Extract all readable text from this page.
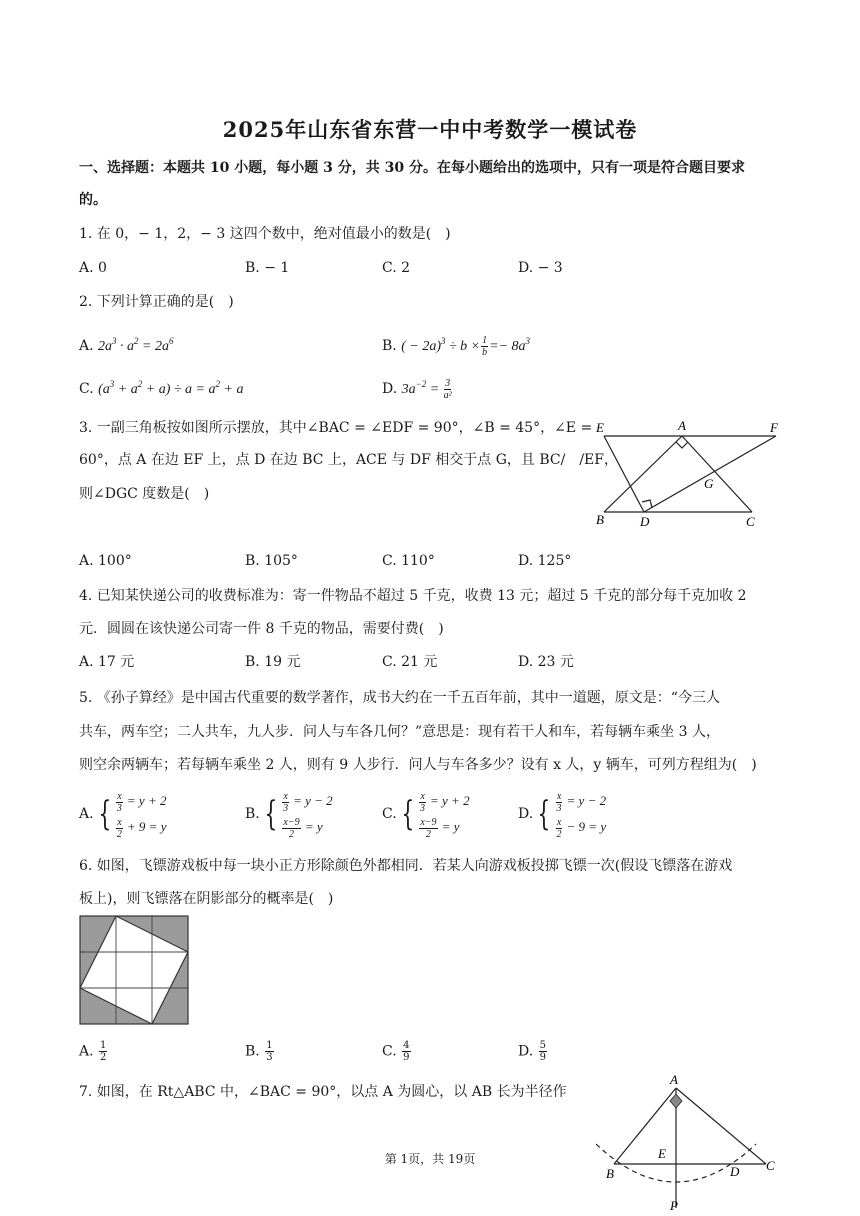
2025年山东省东营一中中考数学一模试卷
一、选择题：本题共 10 小题，每小题 3 分，共 30 分。在每小题给出的选项中，只有一项是符合题目要求
的。
1. 在 0，− 1，2，− 3 这四个数中，绝对值最小的数是(　)
A. 0	B. − 1	C. 2	D. − 3
2. 下列计算正确的是(　)
A. $2a^3 \cdot a^2 = 2a^6$	B. ( − $2a)^3 \div b \times \frac{1}{b} =- 8a^3$
C. $(a^3 + a^2 + a) \div a = a^2 + a$	D. $3a^{-2} = \frac{3}{\text{a²}}$
3. 一副三角板按如图所示摆放，其中∠BAC = ∠EDF = 90°，∠B = 45°，∠E =
60°，点 A 在边 EF 上，点 D 在边 BC 上，ACE 与 DF 相交于点 G，且 BC/　/EF，
则∠DGC 度数是(　)
E	A	F
G
B	D	C
A. 100°	B. 105°	C. 110°	D. 125°
4. 已知某快递公司的收费标准为：寄一件物品不超过 5 千克，收费 13 元；超过 5 千克的部分每千克加收 2
元．圆圆在该快递公司寄一件 8 千克的物品，需要付费(　)
A. 17 元	B. 19 元	C. 21 元	D. 23 元
5. 《孙子算经》是中国古代重要的数学著作，成书大约在一千五百年前，其中一道题，原文是：“今三人
共车，两车空；二人共车，九人步．问人与车各几何？”意思是：现有若干人和车，若每辆车乘坐 3 人，
则空余两辆车；若每辆车乘坐 2 人，则有 9 人步行．问人与车各多少？设有 x 人，y 辆车，可列方程组为(　)
A. { $\frac{x}{3} = y + 2$
$\frac{x}{2} + 9 = y$
B. { $\frac{x}{3} = y - 2$
$\frac{x-9}{2} = y$
C. { $\frac{x}{3} = y + 2$
$\frac{x-9}{2} = y$
D. { $\frac{x}{3} = y - 2$
$\frac{x}{2} - 9 = y$
6. 如图，飞镖游戏板中每一块小正方形除颜色外都相同．若某人向游戏板投掷飞镖一次(假设飞镖落在游戏
板上)，则飞镖落在阴影部分的概率是(　)
A. $\frac{1}{2}$	B. $\frac{1}{3}$	C. $\frac{4}{9}$	D. $\frac{5}{9}$
7. 如图，在 Rt△ABC 中，∠BAC = 90°，以点 A 为圆心，以 AB 长为半径作
A
E
B	D C
P
第 1页，共 19页
